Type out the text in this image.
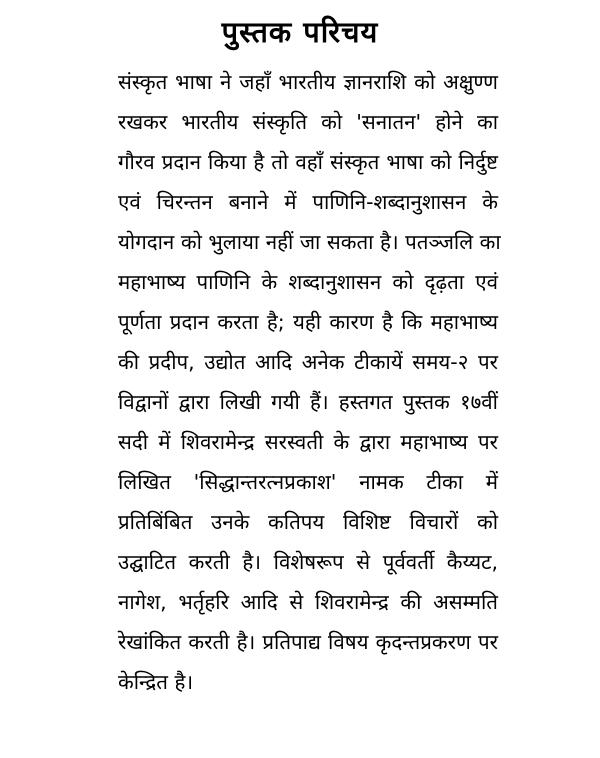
पुस्तक परिचय
संस्कृत भाषा ने जहाँ भारतीय ज्ञानराशि को अक्षुण्ण
रखकर भारतीय संस्कृति को 'सनातन' होने का
गौरव प्रदान किया है तो वहाँ संस्कृत भाषा को निर्दुष्ट
एवं चिरन्तन बनाने में पाणिनि-शब्दानुशासन के
योगदान को भुलाया नहीं जा सकता है। पतञ्जलि का
महाभाष्य पाणिनि के शब्दानुशासन को दृढ़ता एवं
पूर्णता प्रदान करता है; यही कारण है कि महाभाष्य
की प्रदीप, उद्योत आदि अनेक टीकायें समय-२ पर
विद्वानों द्वारा लिखी गयी हैं। हस्तगत पुस्तक १७वीं
सदी में शिवरामेन्द्र सरस्वती के द्वारा महाभाष्य पर
लिखित 'सिद्धान्तरत्नप्रकाश' नामक टीका में
प्रतिबिंबित उनके कतिपय विशिष्ट विचारों को
उद्घाटित करती है। विशेषरूप से पूर्ववर्ती कैय्यट,
नागेश, भर्तृहरि आदि से शिवरामेन्द्र की असम्मति
रेखांकित करती है। प्रतिपाद्य विषय कृदन्तप्रकरण पर
केन्द्रित है।
